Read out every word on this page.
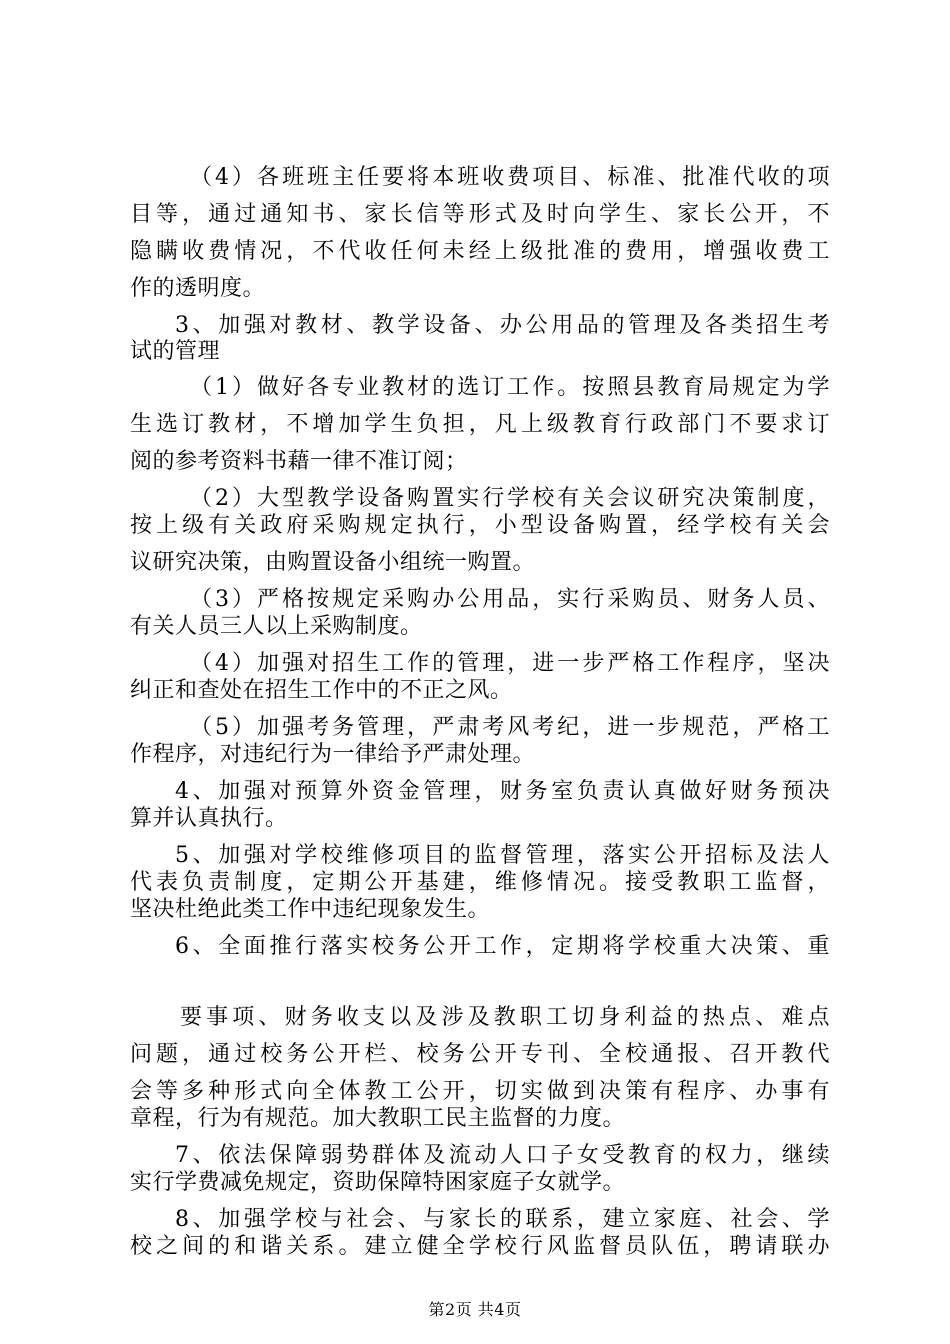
（4）各班班主任要将本班收费项目、标准、批准代收的项
目等，通过通知书、家长信等形式及时向学生、家长公开，不
隐瞒收费情况，不代收任何未经上级批准的费用，增强收费工
作的透明度。
3、加强对教材、教学设备、办公用品的管理及各类招生考
试的管理
（1）做好各专业教材的选订工作。按照县教育局规定为学
生选订教材，不增加学生负担，凡上级教育行政部门不要求订
阅的参考资料书藉一律不准订阅；
（2）大型教学设备购置实行学校有关会议研究决策制度，
按上级有关政府采购规定执行，小型设备购置，经学校有关会
议研究决策，由购置设备小组统一购置。
（3）严格按规定采购办公用品，实行采购员、财务人员、
有关人员三人以上采购制度。
（4）加强对招生工作的管理，进一步严格工作程序，坚决
纠正和查处在招生工作中的不正之风。
（5）加强考务管理，严肃考风考纪，进一步规范，严格工
作程序，对违纪行为一律给予严肃处理。
4、加强对预算外资金管理，财务室负责认真做好财务预决
算并认真执行。
5、加强对学校维修项目的监督管理，落实公开招标及法人
代表负责制度，定期公开基建，维修情况。接受教职工监督，
坚决杜绝此类工作中违纪现象发生。
6、全面推行落实校务公开工作，定期将学校重大决策、重
要事项、财务收支以及涉及教职工切身利益的热点、难点
问题，通过校务公开栏、校务公开专刊、全校通报、召开教代
会等多种形式向全体教工公开，切实做到决策有程序、办事有
章程，行为有规范。加大教职工民主监督的力度。
7、依法保障弱势群体及流动人口子女受教育的权力，继续
实行学费减免规定，资助保障特困家庭子女就学。
8、加强学校与社会、与家长的联系，建立家庭、社会、学
校之间的和谐关系。建立健全学校行风监督员队伍，聘请联办
第2页 共4页
